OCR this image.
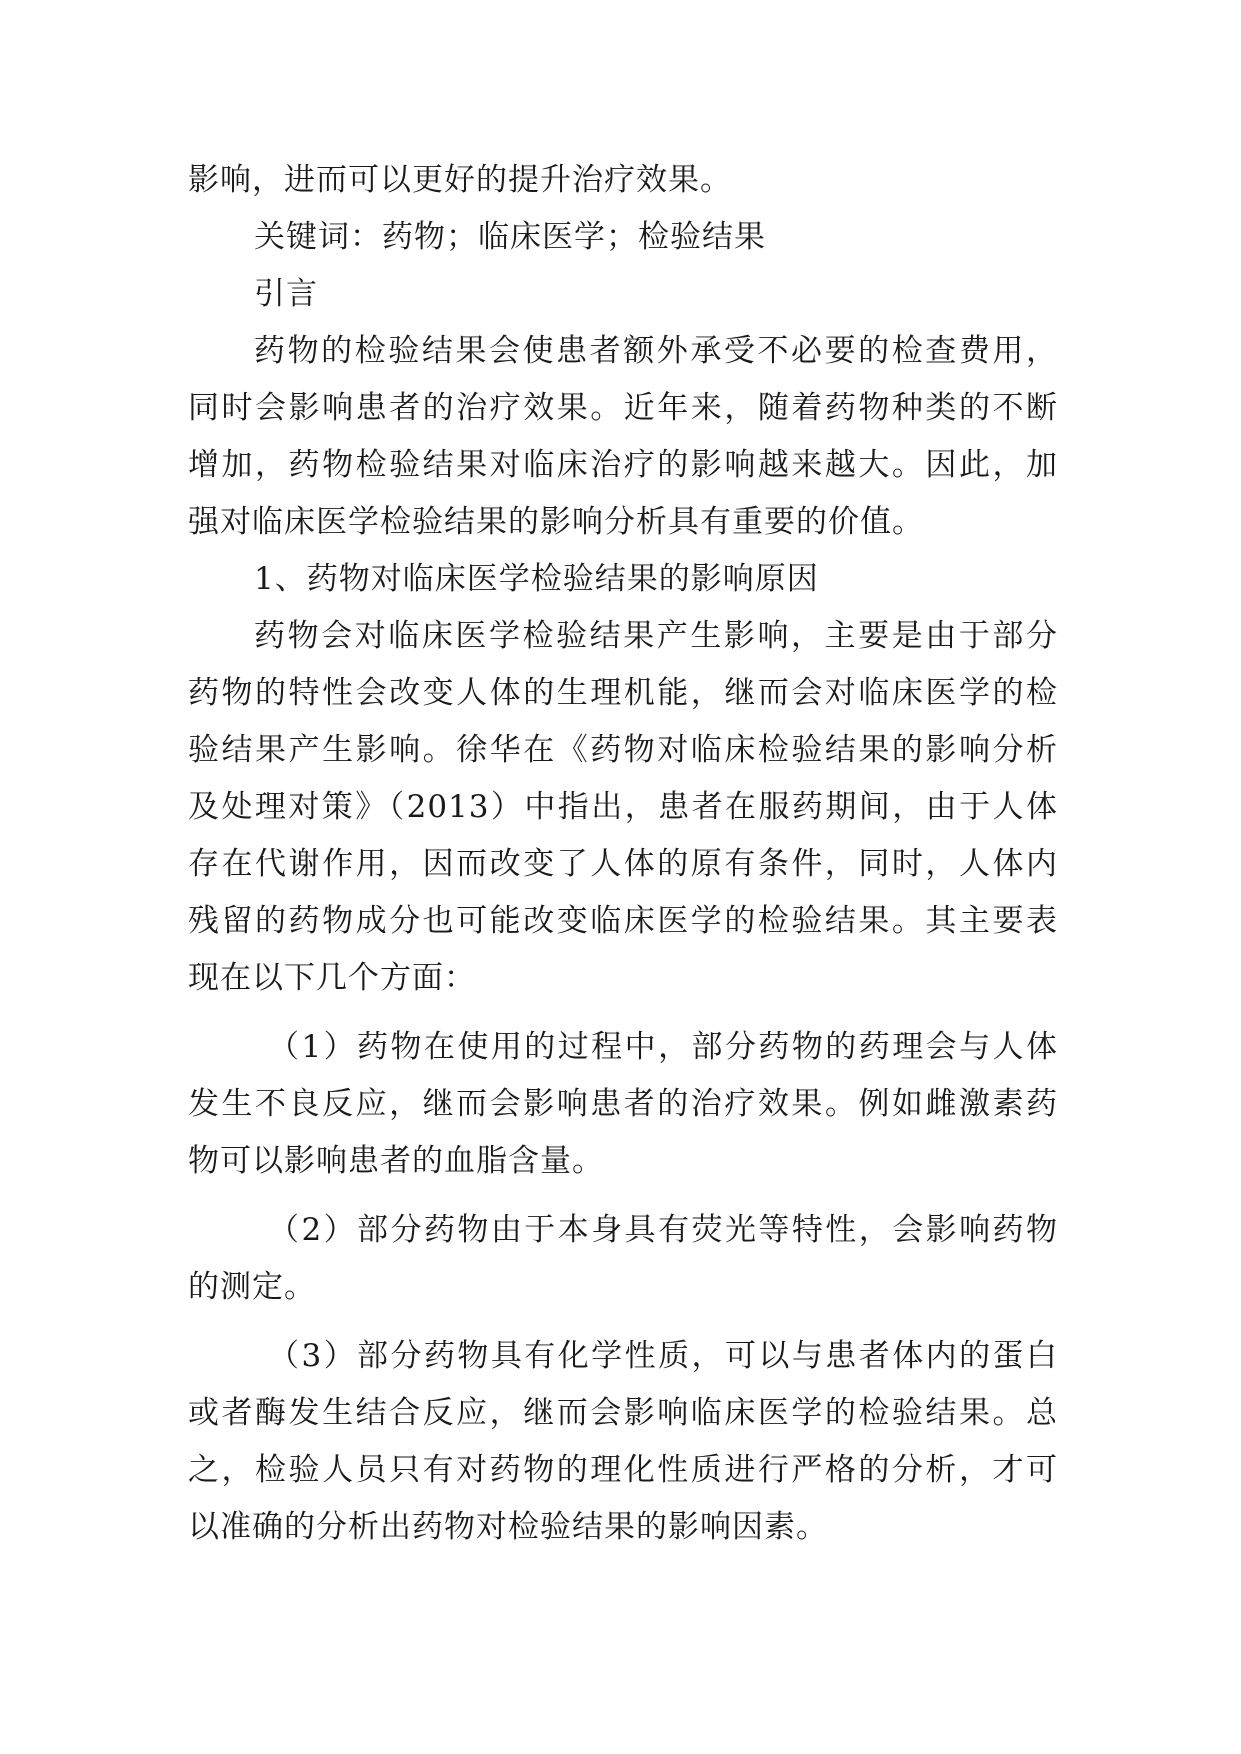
影响，进而可以更好的提升治疗效果。
关键词：药物；临床医学；检验结果
引言
药物的检验结果会使患者额外承受不必要的检查费用，
同时会影响患者的治疗效果。近年来，随着药物种类的不断
增加，药物检验结果对临床治疗的影响越来越大。因此，加
强对临床医学检验结果的影响分析具有重要的价值。
1、药物对临床医学检验结果的影响原因
药物会对临床医学检验结果产生影响，主要是由于部分
药物的特性会改变人体的生理机能，继而会对临床医学的检
验结果产生影响。徐华在《药物对临床检验结果的影响分析
及处理对策》（2013）中指出，患者在服药期间，由于人体
存在代谢作用，因而改变了人体的原有条件，同时，人体内
残留的药物成分也可能改变临床医学的检验结果。其主要表
现在以下几个方面：
（1）药物在使用的过程中，部分药物的药理会与人体
发生不良反应，继而会影响患者的治疗效果。例如雌激素药
物可以影响患者的血脂含量。
（2）部分药物由于本身具有荧光等特性，会影响药物
的测定。
（3）部分药物具有化学性质，可以与患者体内的蛋白
或者酶发生结合反应，继而会影响临床医学的检验结果。总
之，检验人员只有对药物的理化性质进行严格的分析，才可
以准确的分析出药物对检验结果的影响因素。
